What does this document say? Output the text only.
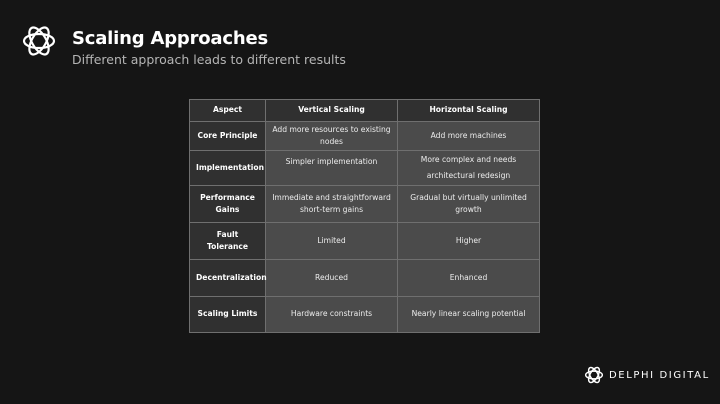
Scaling Approaches
Different approach leads to different results
Aspect	Vertical Scaling	Horizontal Scaling
Core Principle	Add more resources to existing nodes	Add more machines
Implementation	Simpler implementation	More complex and needs architectural redesign
Performance Gains	Immediate and straightforward short-term gains	Gradual but virtually unlimited growth
Fault Tolerance	Limited	Higher
Decentralization	Reduced	Enhanced
Scaling Limits	Hardware constraints	Nearly linear scaling potential
DELPHI DIGITAL
